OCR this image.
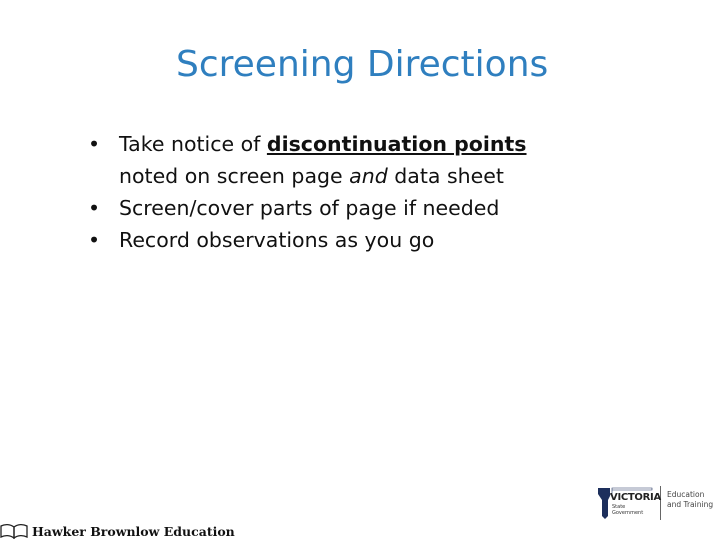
Screening Directions
• Take notice of discontinuation points
noted on screen page and data sheet
• Screen/cover parts of page if needed
• Record observations as you go
Hawker Brownlow Education
VICTORIA
State
Government
Education
and Training
